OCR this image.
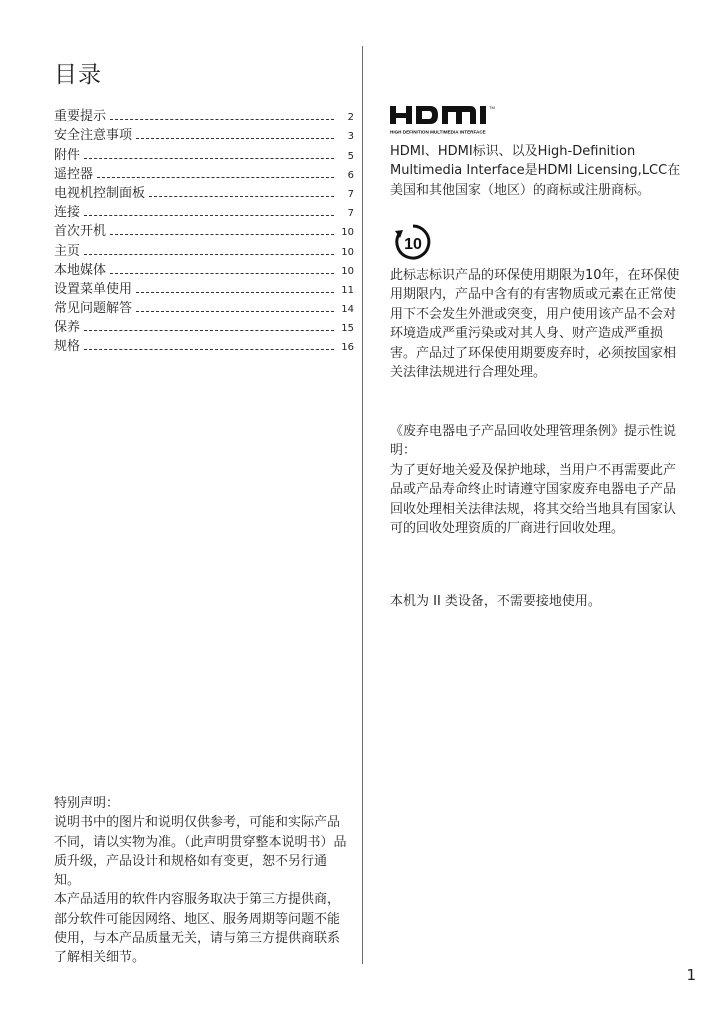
目录
重要提示	2
安全注意事项	3
附件	5
遥控器	6
电视机控制面板	7
连接	7
首次开机	10
主页	10
本地媒体	10
设置菜单使用	11
常见问题解答	14
保养	15
规格	16

特别声明：

说明书中的图片和说明仅供参考，可能和实际产品不同，请以实物为准。（此声明贯穿整本说明书）品质升级，产品设计和规格如有变更，恕不另行通知。

本产品适用的软件内容服务取决于第三方提供商，部分软件可能因网络、地区、服务周期等问题不能使用，与本产品质量无关，请与第三方提供商联系了解相关细节。

TM
HIGH DEFINITION MULTIMEDIA INTERFACE
HDMI、HDMI标识、以及High-Definition Multimedia Interface是HDMI Licensing,LCC在美国和其他国家（地区）的商标或注册商标。
10
此标志标识产品的环保使用期限为10年，在环保使用期限内，产品中含有的有害物质或元素在正常使用下不会发生外泄或突变，用户使用该产品不会对环境造成严重污染或对其人身、财产造成严重损害。产品过了环保使用期要废弃时，必须按国家相关法律法规进行合理处理。

《废弃电器电子产品回收处理管理条例》提示性说明：

为了更好地关爱及保护地球，当用户不再需要此产品或产品寿命终止时请遵守国家废弃电器电子产品回收处理相关法律法规，将其交给当地具有国家认可的回收处理资质的厂商进行回收处理。

本机为 II 类设备，不需要接地使用。
1
